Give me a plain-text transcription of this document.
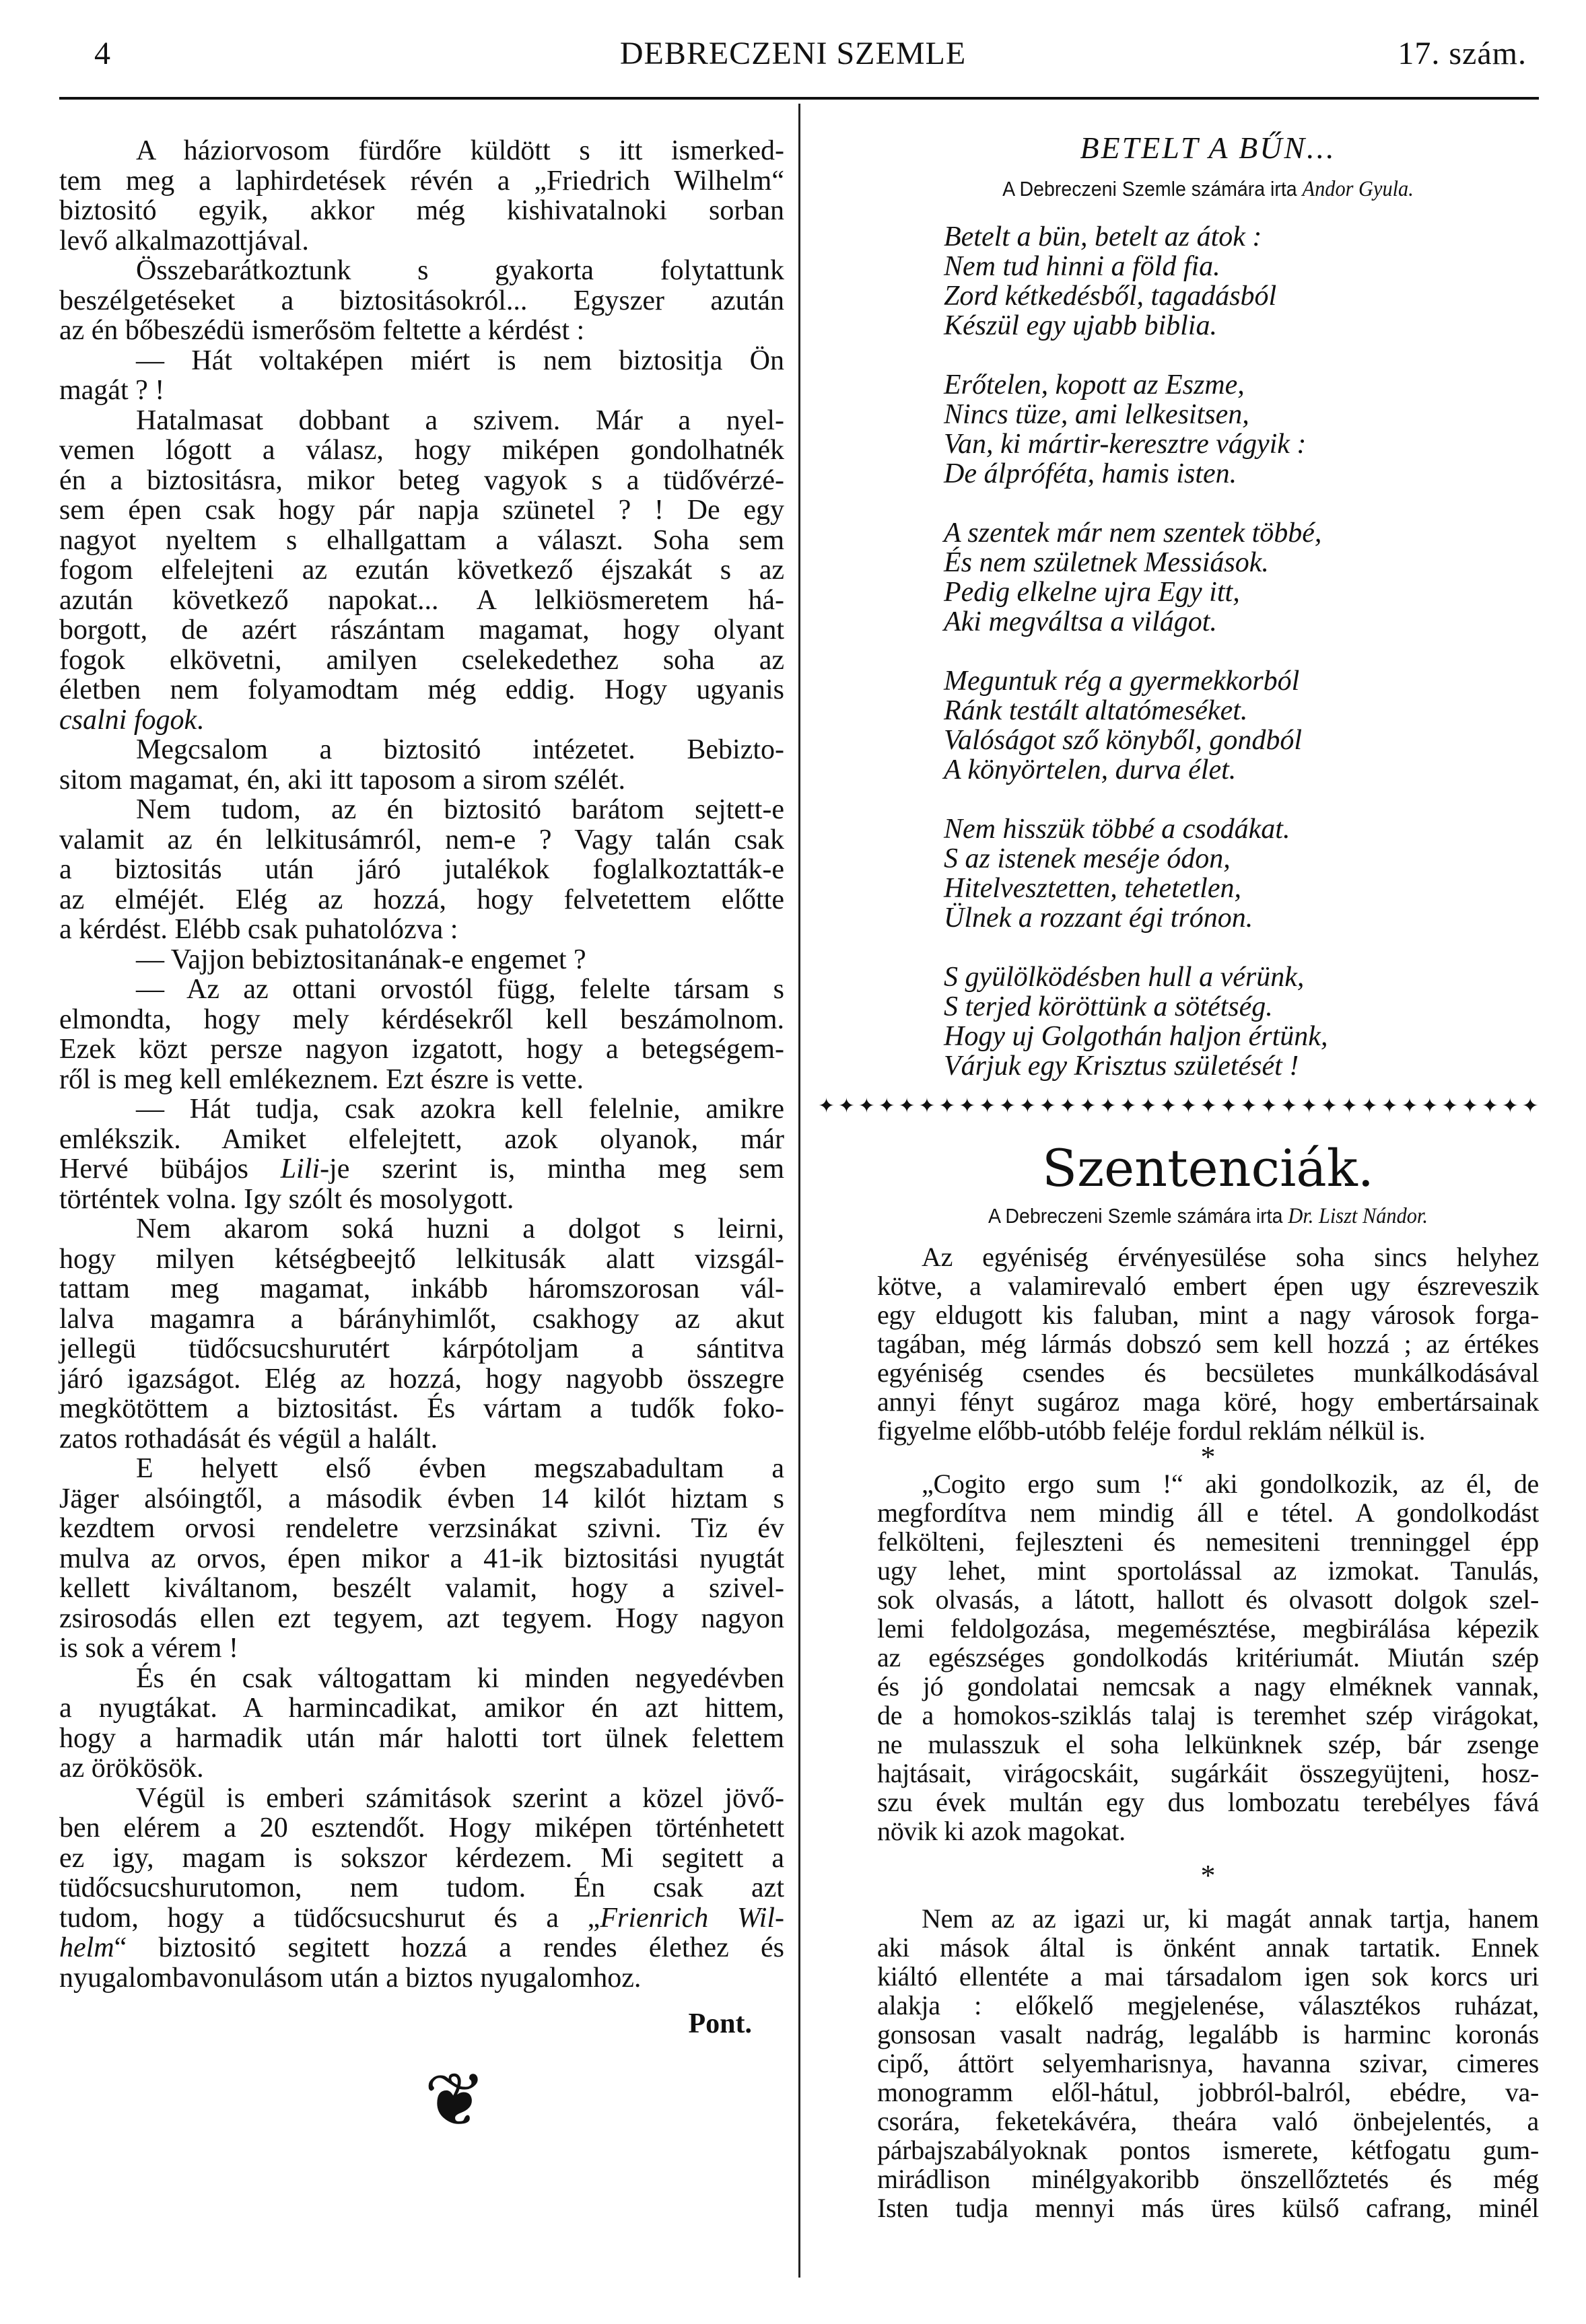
4	DEBRECZENI SZEMLE	17. szám.
A háziorvosom fürdőre küldött s itt ismerked-
tem meg a laphirdetések révén a „Friedrich Wilhelm“
biztositó egyik, akkor még kishivatalnoki sorban
levő alkalmazottjával.
Összebarátkoztunk s gyakorta folytattunk
beszélgetéseket a biztositásokról... Egyszer azután
az én bőbeszédü ismerősöm feltette a kérdést :
— Hát voltaképen miért is nem biztositja Ön
magát ? !
Hatalmasat dobbant a szivem. Már a nyel-
vemen lógott a válasz, hogy miképen gondolhatnék
én a biztositásra, mikor beteg vagyok s a tüdővérzé-
sem épen csak hogy pár napja szünetel ? ! De egy
nagyot nyeltem s elhallgattam a választ. Soha sem
fogom elfelejteni az ezután következő éjszakát s az
azután következő napokat... A lelkiösmeretem há-
borgott, de azért rászántam magamat, hogy olyant
fogok elkövetni, amilyen cselekedethez soha az
életben nem folyamodtam még eddig. Hogy ugyanis
csalni fogok.
Megcsalom a biztositó intézetet. Bebizto-
sitom magamat, én, aki itt taposom a sirom szélét.
Nem tudom, az én biztositó barátom sejtett-e
valamit az én lelkitusámról, nem-e ? Vagy talán csak
a biztositás után járó jutalékok foglalkoztatták-e
az elméjét. Elég az hozzá, hogy felvetettem előtte
a kérdést. Elébb csak puhatolózva :
— Vajjon bebiztositanának-e engemet ?
— Az az ottani orvostól függ, felelte társam s
elmondta, hogy mely kérdésekről kell beszámolnom.
Ezek közt persze nagyon izgatott, hogy a betegségem-
ről is meg kell emlékeznem. Ezt észre is vette.
— Hát tudja, csak azokra kell felelnie, amikre
emlékszik. Amiket elfelejtett, azok olyanok, már
Hervé bübájos Lili-je szerint is, mintha meg sem
történtek volna. Igy szólt és mosolygott.
Nem akarom soká huzni a dolgot s leirni,
hogy milyen kétségbeejtő lelkitusák alatt vizsgál-
tattam meg magamat, inkább háromszorosan vál-
lalva magamra a bárányhimlőt, csakhogy az akut
jellegü tüdőcsucshurutért kárpótoljam a sántitva
járó igazságot. Elég az hozzá, hogy nagyobb összegre
megkötöttem a biztositást. És vártam a tudők foko-
zatos rothadását és végül a halált.
E helyett első évben megszabadultam a
Jäger alsóingtől, a második évben 14 kilót hiztam s
kezdtem orvosi rendeletre verzsinákat szivni. Tiz év
mulva az orvos, épen mikor a 41-ik biztositási nyugtát
kellett kiváltanom, beszélt valamit, hogy a szivel-
zsirosodás ellen ezt tegyem, azt tegyem. Hogy nagyon
is sok a vérem !
És én csak váltogattam ki minden negyedévben
a nyugtákat. A harmincadikat, amikor én azt hittem,
hogy a harmadik után már halotti tort ülnek felettem
az örökösök.
Végül is emberi számitások szerint a közel jövő-
ben elérem a 20 esztendőt. Hogy miképen történhetett
ez igy, magam is sokszor kérdezem. Mi segitett a
tüdőcsucshurutomon, nem tudom. Én csak azt
tudom, hogy a tüdőcsucshurut és a „Frienrich Wil-
helm“ biztositó segitett hozzá a rendes élethez és
nyugalombavonulásom után a biztos nyugalomhoz.
Pont.
❦
BETELT A BŰN...
A Debreczeni Szemle számára irta Andor Gyula.
Betelt a bün, betelt az átok :
Nem tud hinni a föld fia.
Zord kétkedésből, tagadásból
Készül egy ujabb biblia.
Erőtelen, kopott az Eszme,
Nincs tüze, ami lelkesitsen,
Van, ki mártir-keresztre vágyik :
De álpróféta, hamis isten.
A szentek már nem szentek többé,
És nem születnek Messiások.
Pedig elkelne ujra Egy itt,
Aki megváltsa a világot.
Meguntuk rég a gyermekkorból
Ránk testált altatómeséket.
Valóságot sző könyből, gondból
A könyörtelen, durva élet.
Nem hisszük többé a csodákat.
S az istenek meséje ódon,
Hitelvesztetten, tehetetlen,
Ülnek a rozzant égi trónon.
S gyülölködésben hull a vérünk,
S terjed köröttünk a sötétség.
Hogy uj Golgothán haljon értünk,
Várjuk egy Krisztus születését !
✦ ✦ ✦ ✦ ✦ ✦ ✦ ✦ ✦ ✦ ✦ ✦ ✦ ✦ ✦ ✦ ✦ ✦ ✦ ✦ ✦ ✦ ✦ ✦ ✦ ✦ ✦ ✦ ✦ ✦ ✦ ✦ ✦ ✦ ✦ ✦
Szentenciák.
A Debreczeni Szemle számára irta Dr. Liszt Nándor.
Az egyéniség érvényesülése soha sincs helyhez
kötve, a valamirevaló embert épen ugy észreveszik
egy eldugott kis faluban, mint a nagy városok forga-
tagában, még lármás dobszó sem kell hozzá ; az értékes
egyéniség csendes és becsületes munkálkodásával
annyi fényt sugároz maga köré, hogy embertársainak
figyelme előbb-utóbb feléje fordul reklám nélkül is.
*
„Cogito ergo sum !“ aki gondolkozik, az él, de
megfordítva nem mindig áll e tétel. A gondolkodást
felkölteni, fejleszteni és nemesiteni trenninggel épp
ugy lehet, mint sportolással az izmokat. Tanulás,
sok olvasás, a látott, hallott és olvasott dolgok szel-
lemi feldolgozása, megemésztése, megbirálása képezik
az egészséges gondolkodás kritériumát. Miután szép
és jó gondolatai nemcsak a nagy elméknek vannak,
de a homokos-sziklás talaj is teremhet szép virágokat,
ne mulasszuk el soha lelkünknek szép, bár zsenge
hajtásait, virágocskáit, sugárkáit összegyüjteni, hosz-
szu évek multán egy dus lombozatu terebélyes fává
növik ki azok magokat.
*
Nem az az igazi ur, ki magát annak tartja, hanem
aki mások által is önként annak tartatik. Ennek
kiáltó ellentéte a mai társadalom igen sok korcs uri
alakja : előkelő megjelenése, választékos ruházat,
gonsosan vasalt nadrág, legalább is harminc koronás
cipő, áttört selyemharisnya, havanna szivar, cimeres
monogramm elől-hátul, jobbról-balról, ebédre, va-
csorára, feketekávéra, theára való önbejelentés, a
párbajszabályoknak pontos ismerete, kétfogatu gum-
mirádlison minélgyakoribb önszellőztetés és még
Isten tudja mennyi más üres külső cafrang, minél
